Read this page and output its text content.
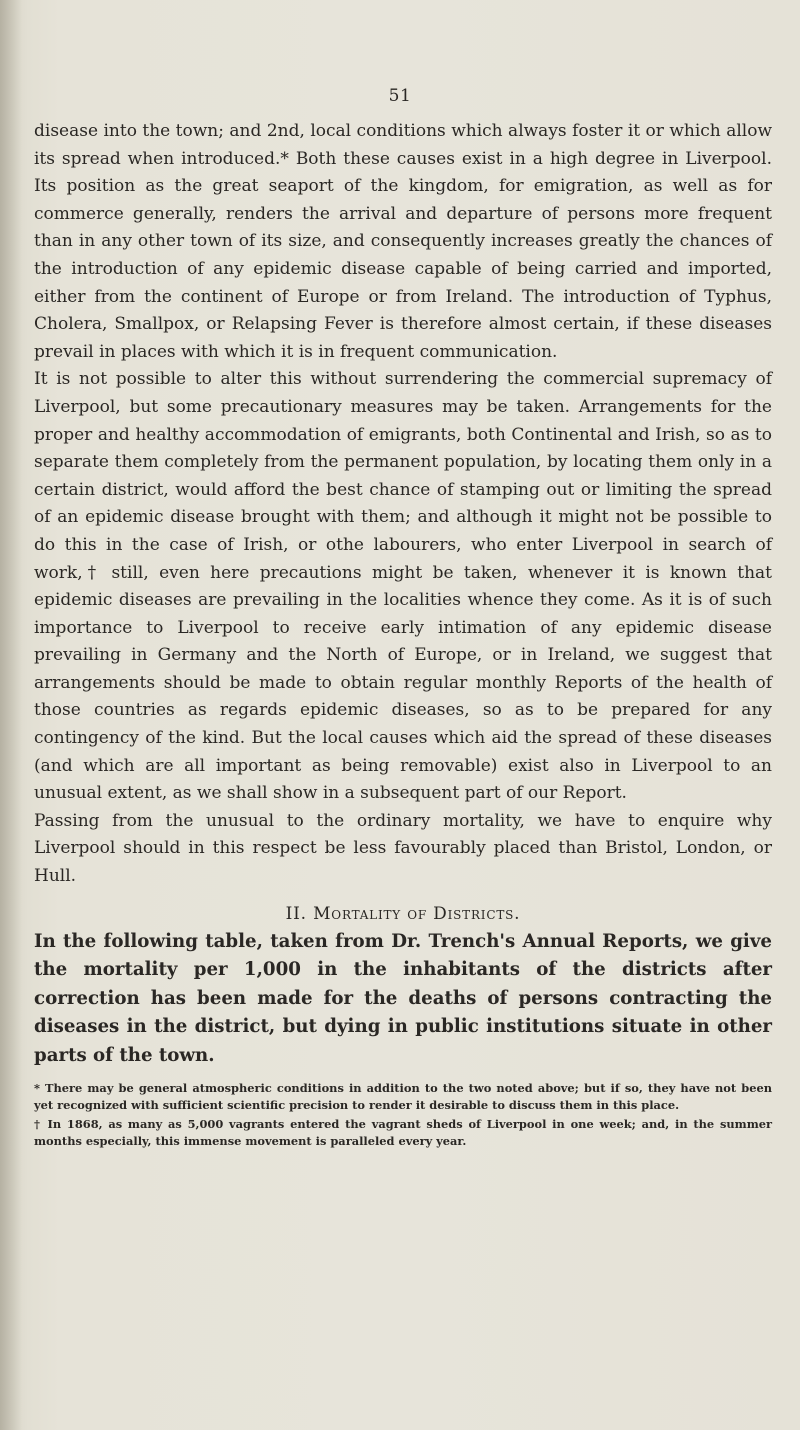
51

disease into the town; and 2nd, local conditions which always foster it or which allow its spread when introduced.* Both these causes exist in a high degree in Liverpool. Its position as the great seaport of the kingdom, for emigration, as well as for commerce generally, renders the arrival and departure of persons more frequent than in any other town of its size, and consequently increases greatly the chances of the introduction of any epidemic disease capable of being carried and imported, either from the continent of Europe or from Ireland. The introduction of Typhus, Cholera, Smallpox, or Relapsing Fever is therefore almost certain, if these diseases prevail in places with which it is in frequent communication.

It is not possible to alter this without surrendering the commercial supremacy of Liverpool, but some precautionary measures may be taken. Arrangements for the proper and healthy accommodation of emigrants, both Continental and Irish, so as to separate them completely from the permanent population, by locating them only in a certain district, would afford the best chance of stamping out or limiting the spread of an epidemic disease brought with them; and although it might not be possible to do this in the case of Irish, or othe labourers, who enter Liverpool in search of work,† still, even here precautions might be taken, whenever it is known that epidemic diseases are prevailing in the localities whence they come. As it is of such importance to Liverpool to receive early intimation of any epidemic disease prevailing in Germany and the North of Europe, or in Ireland, we suggest that arrangements should be made to obtain regular monthly Reports of the health of those countries as regards epidemic diseases, so as to be prepared for any contingency of the kind. But the local causes which aid the spread of these diseases (and which are all important as being removable) exist also in Liverpool to an unusual extent, as we shall show in a subsequent part of our Report.

Passing from the unusual to the ordinary mortality, we have to enquire why Liverpool should in this respect be less favourably placed than Bristol, London, or Hull.

II. Mortality of Districts.

In the following table, taken from Dr. Trench's Annual Reports, we give the mortality per 1,000 in the inhabitants of the districts after correction has been made for the deaths of persons contracting the diseases in the district, but dying in public institutions situate in other parts of the town.

* There may be general atmospheric conditions in addition to the two noted above; but if so, they have not been yet recognized with sufficient scientific precision to render it desirable to discuss them in this place.

† In 1868, as many as 5,000 vagrants entered the vagrant sheds of Liverpool in one week; and, in the summer months especially, this immense movement is paralleled every year.
